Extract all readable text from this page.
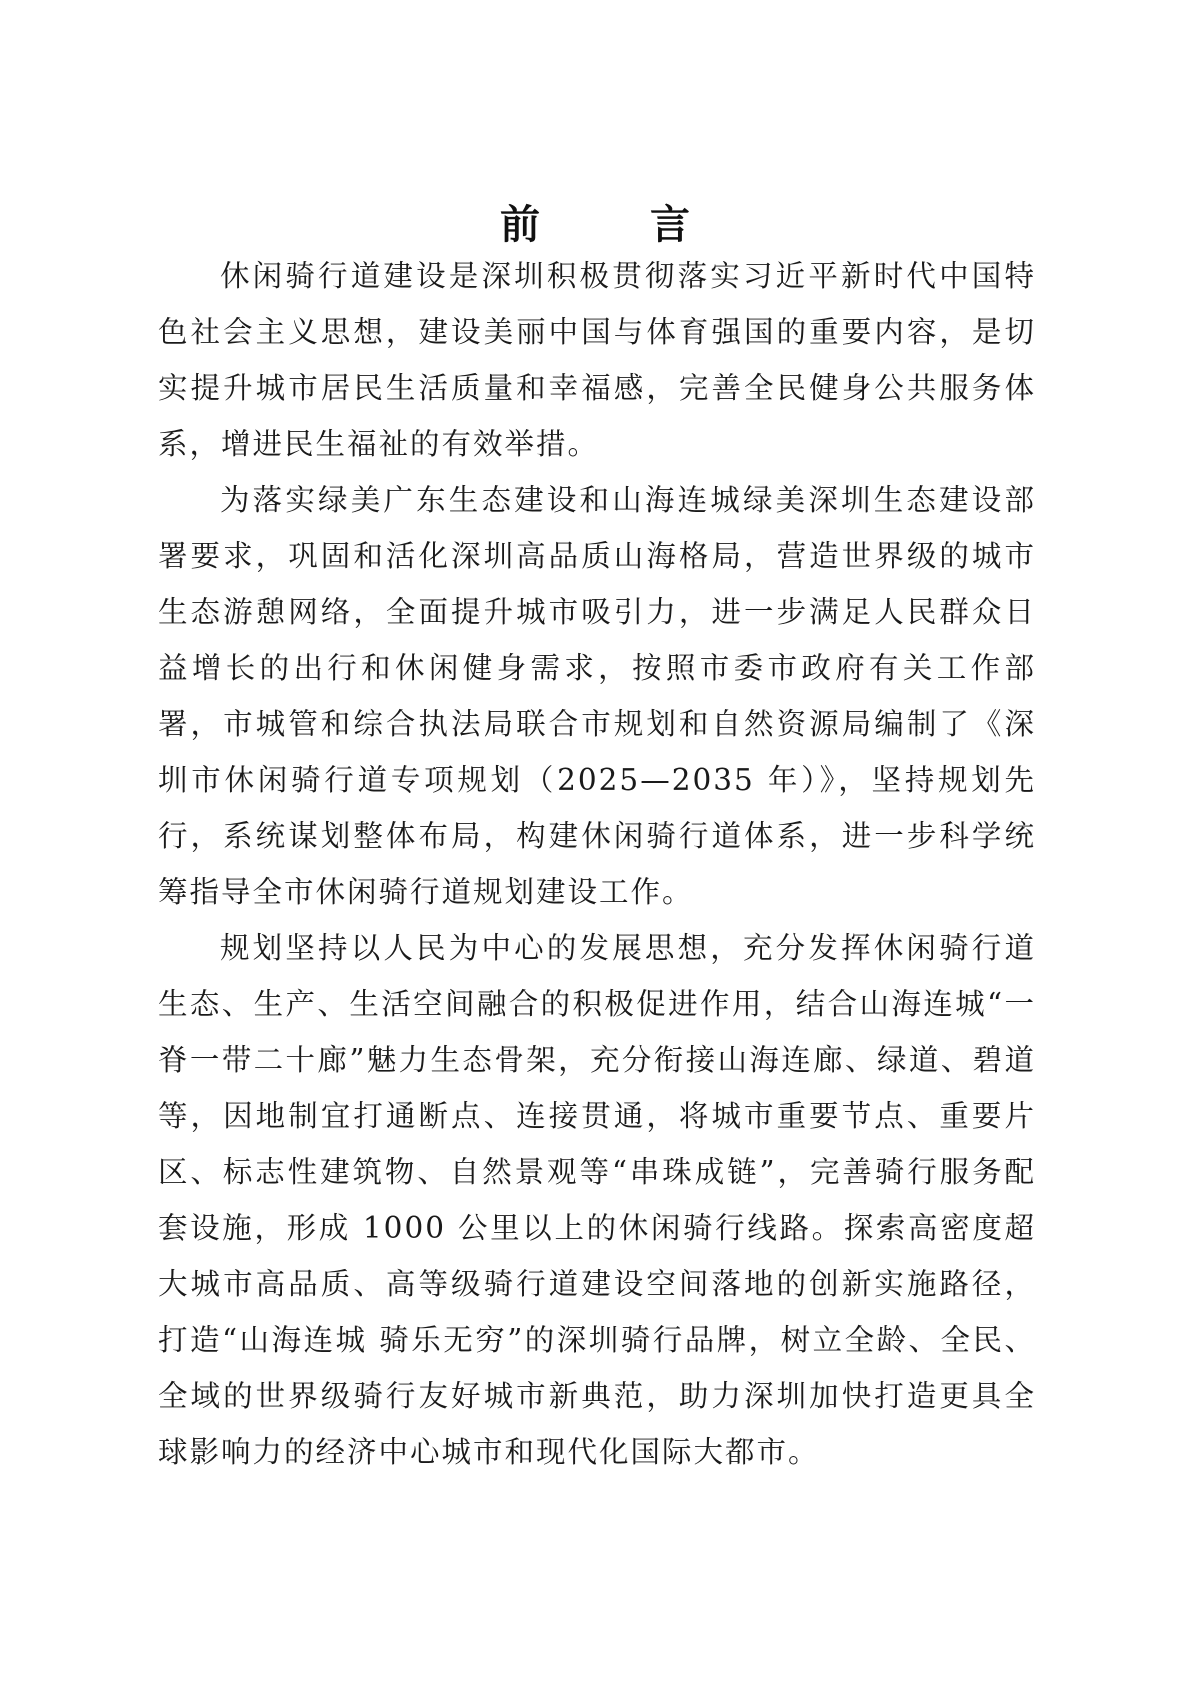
前 言

休闲骑行道建设是深圳积极贯彻落实习近平新时代中国特色社会主义思想，建设美丽中国与体育强国的重要内容，是切实提升城市居民生活质量和幸福感，完善全民健身公共服务体系，增进民生福祉的有效举措。

为落实绿美广东生态建设和山海连城绿美深圳生态建设部署要求，巩固和活化深圳高品质山海格局，营造世界级的城市生态游憩网络，全面提升城市吸引力，进一步满足人民群众日益增长的出行和休闲健身需求，按照市委市政府有关工作部署，市城管和综合执法局联合市规划和自然资源局编制了《深圳市休闲骑行道专项规划（2025—2035 年）》，坚持规划先行，系统谋划整体布局，构建休闲骑行道体系，进一步科学统筹指导全市休闲骑行道规划建设工作。

规划坚持以人民为中心的发展思想，充分发挥休闲骑行道生态、生产、生活空间融合的积极促进作用，结合山海连城“一脊一带二十廊”魅力生态骨架，充分衔接山海连廊、绿道、碧道等，因地制宜打通断点、连接贯通，将城市重要节点、重要片区、标志性建筑物、自然景观等“串珠成链”，完善骑行服务配套设施，形成 1000 公里以上的休闲骑行线路。探索高密度超大城市高品质、高等级骑行道建设空间落地的创新实施路径，打造“山海连城 骑乐无穷”的深圳骑行品牌，树立全龄、全民、全域的世界级骑行友好城市新典范，助力深圳加快打造更具全球影响力的经济中心城市和现代化国际大都市。
